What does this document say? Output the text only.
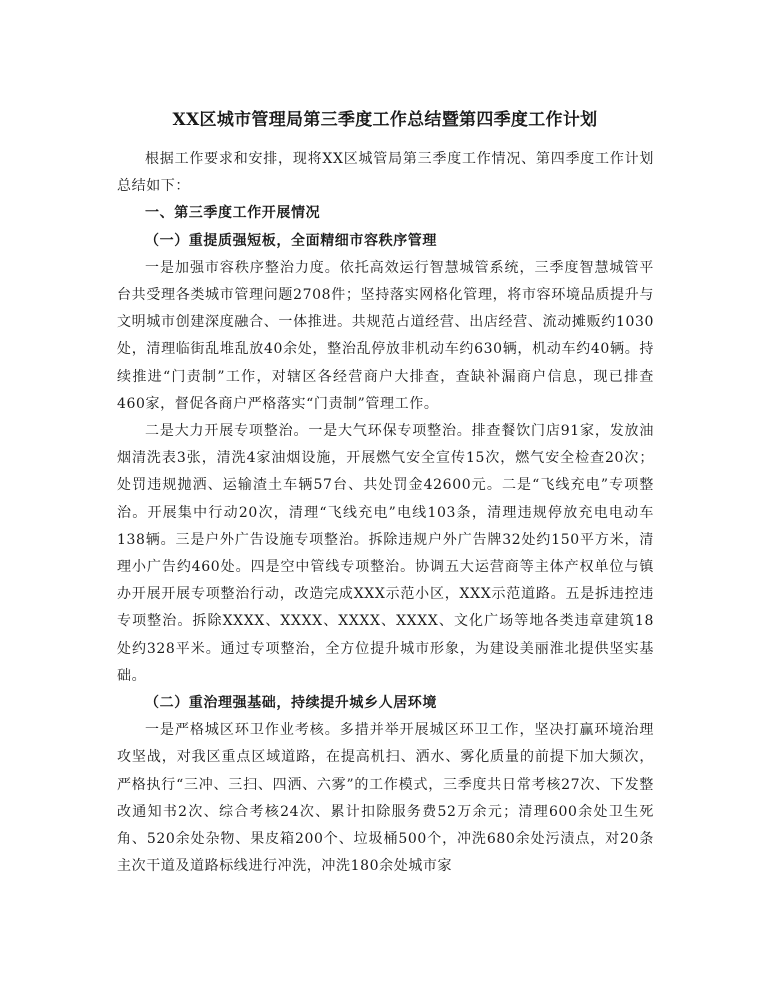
XX区城市管理局第三季度工作总结暨第四季度工作计划

根据工作要求和安排，现将XX区城管局第三季度工作情况、第四季度工作计划总结如下：

一、第三季度工作开展情况

（一）重提质强短板，全面精细市容秩序管理

一是加强市容秩序整治力度。依托高效运行智慧城管系统，三季度智慧城管平台共受理各类城市管理问题2708件；坚持落实网格化管理，将市容环境品质提升与文明城市创建深度融合、一体推进。共规范占道经营、出店经营、流动摊贩约1030处，清理临街乱堆乱放40余处，整治乱停放非机动车约630辆，机动车约40辆。持续推进“门责制”工作，对辖区各经营商户大排查，查缺补漏商户信息，现已排查460家，督促各商户严格落实“门责制”管理工作。

二是大力开展专项整治。一是大气环保专项整治。排查餐饮门店91家，发放油烟清洗表3张，清洗4家油烟设施，开展燃气安全宣传15次，燃气安全检查20次；处罚违规抛洒、运输渣土车辆57台、共处罚金42600元。二是“飞线充电”专项整治。开展集中行动20次，清理“飞线充电”电线103条，清理违规停放充电电动车138辆。三是户外广告设施专项整治。拆除违规户外广告牌32处约150平方米，清理小广告约460处。四是空中管线专项整治。协调五大运营商等主体产权单位与镇办开展开展专项整治行动，改造完成XXX示范小区，XXX示范道路。五是拆违控违专项整治。拆除XXXX、XXXX、XXXX、XXXX、文化广场等地各类违章建筑18处约328平米。通过专项整治，全方位提升城市形象，为建设美丽淮北提供坚实基础。

（二）重治理强基础，持续提升城乡人居环境

一是严格城区环卫作业考核。多措并举开展城区环卫工作，坚决打赢环境治理攻坚战，对我区重点区域道路，在提高机扫、洒水、雾化质量的前提下加大频次，严格执行“三冲、三扫、四洒、六雾”的工作模式，三季度共日常考核27次、下发整改通知书2次、综合考核24次、累计扣除服务费52万余元；清理600余处卫生死角、520余处杂物、果皮箱200个、垃圾桶500个，冲洗680余处污渍点，对20条主次干道及道路标线进行冲洗，冲洗180余处城市家
